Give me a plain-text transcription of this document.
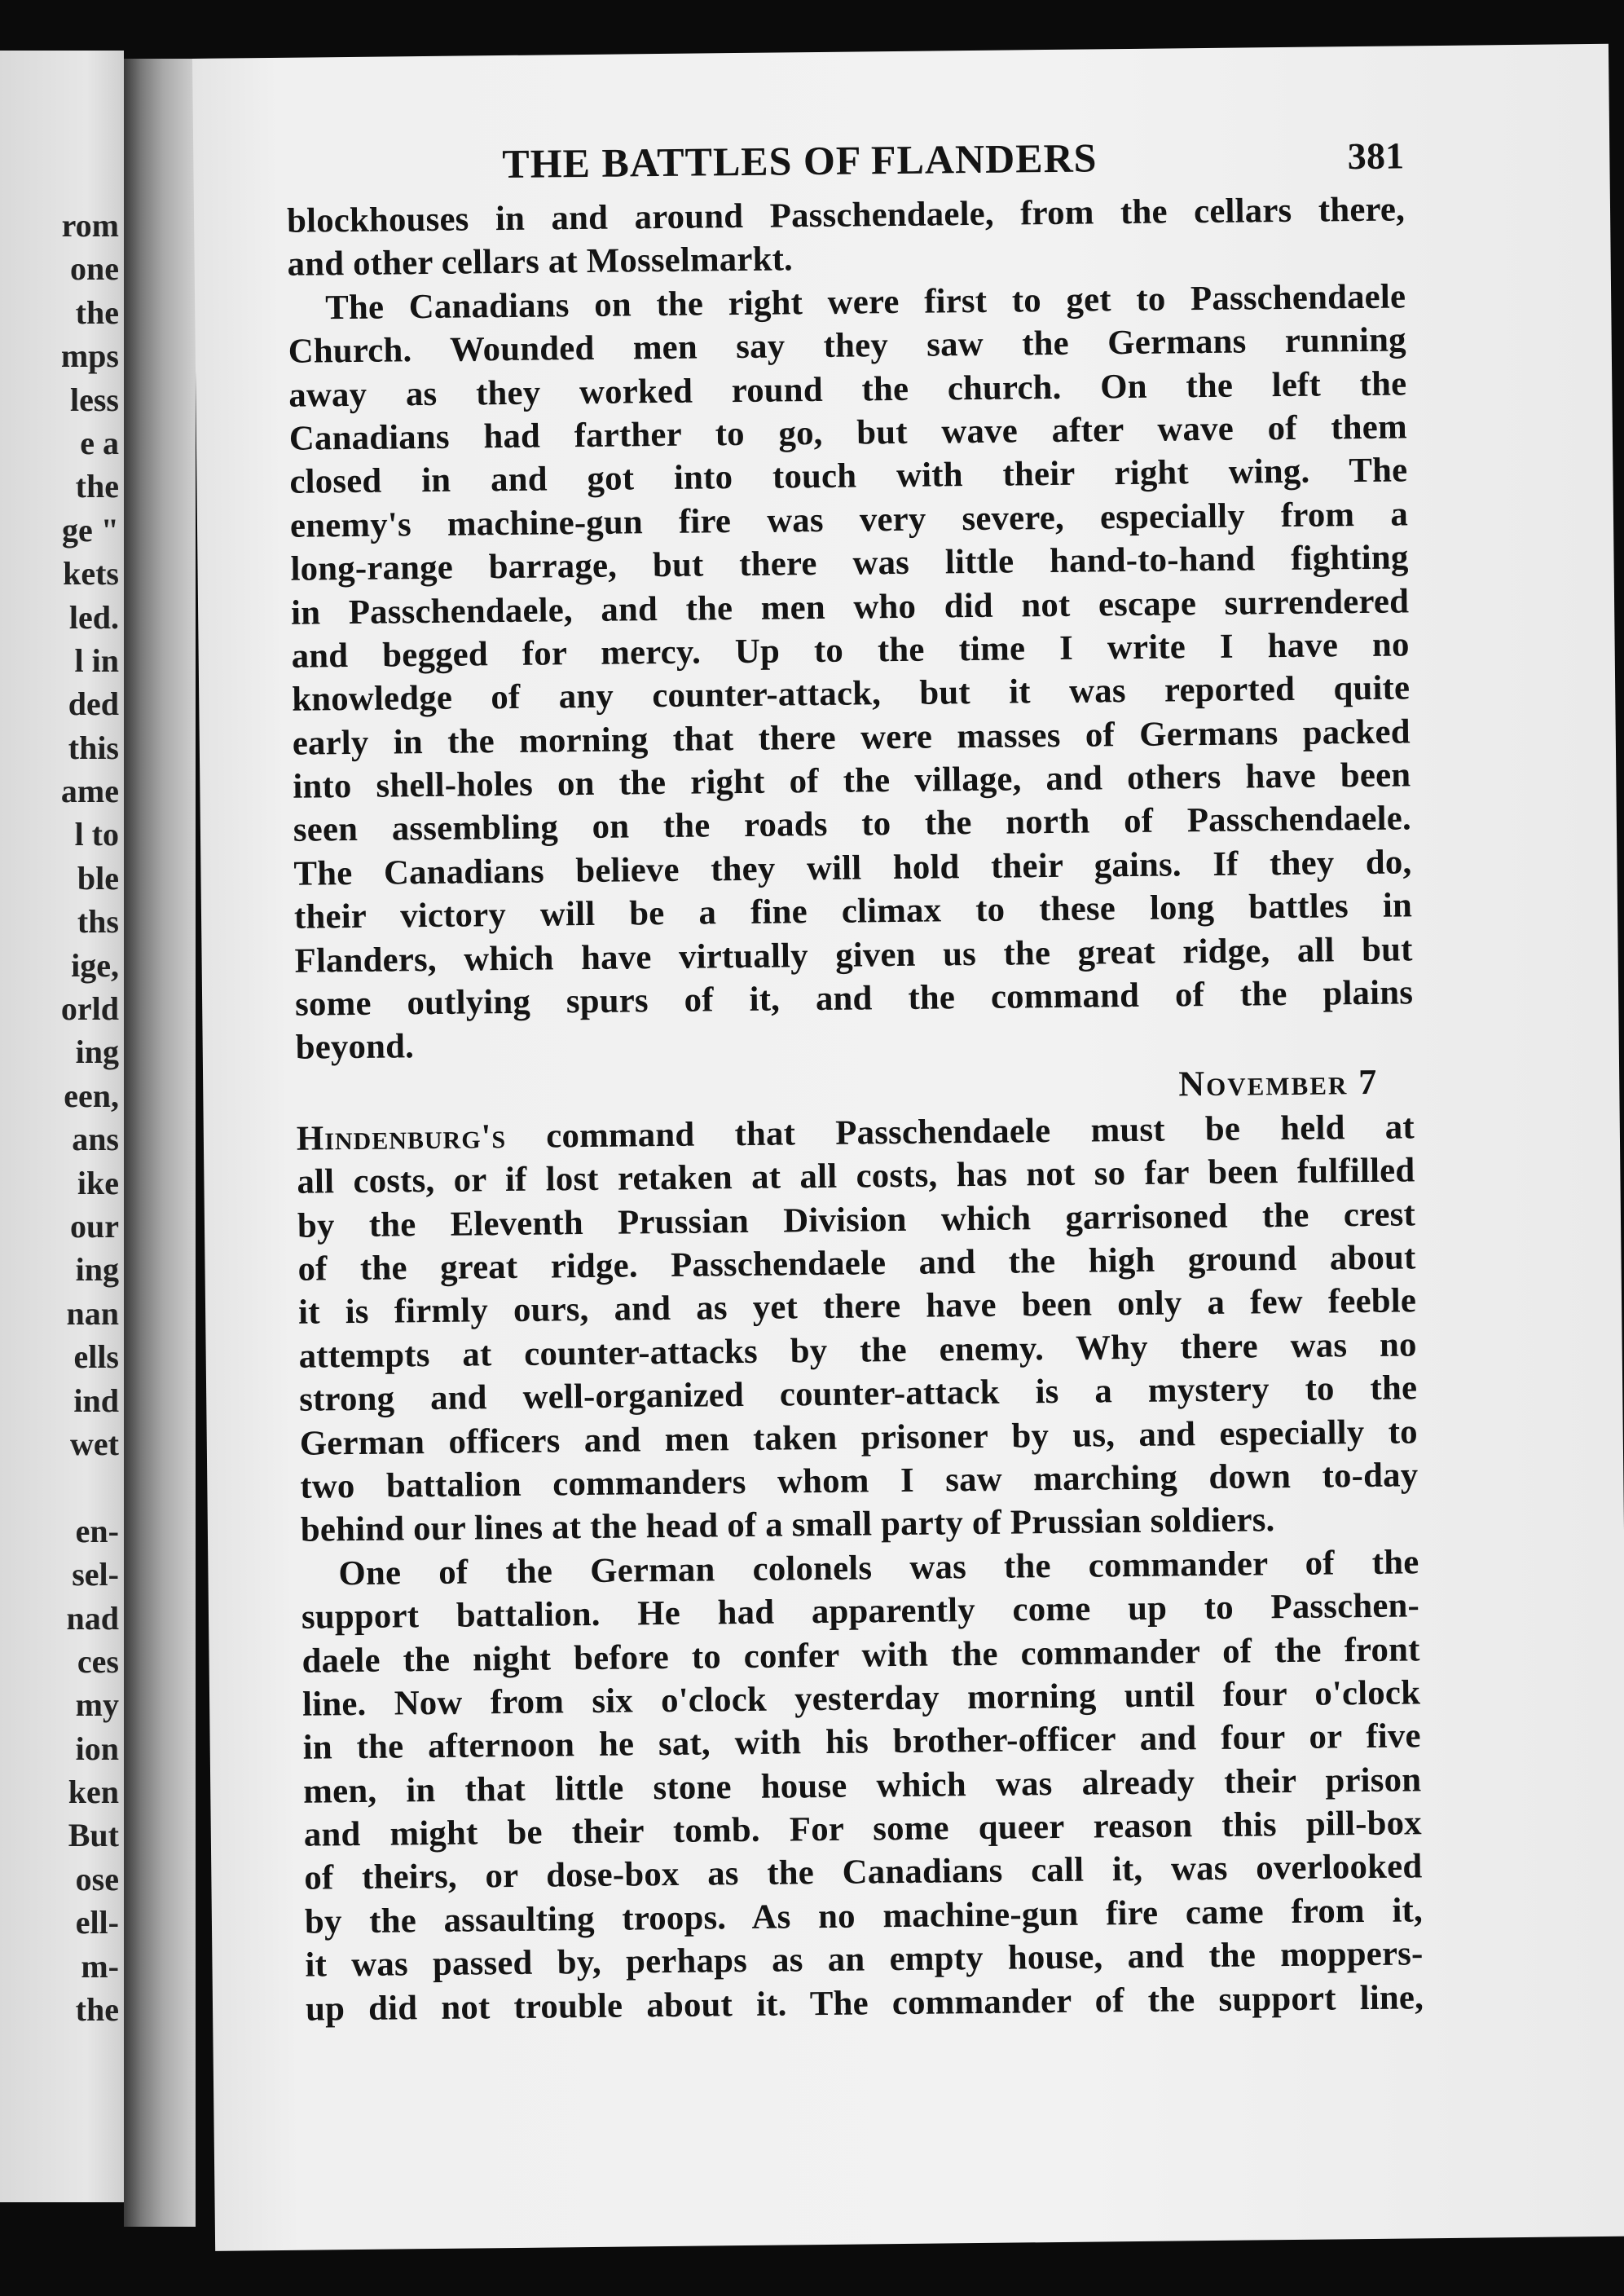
rom
one
the
mps
less
e a
the
ge "
kets
led.
l in
ded
this
ame
l to
ble
ths
ige,
orld
ing
een,
ans
ike
our
ing
nan
ells
ind
wet
en-
sel-
nad
ces
my
ion
ken
But
ose
ell-
m-
the
THE BATTLES OF FLANDERS	381
blockhouses in and around Passchendaele, from the cellars there,
and other cellars at Mosselmarkt.
The Canadians on the right were first to get to Passchendaele
Church. Wounded men say they saw the Germans running
away as they worked round the church. On the left the
Canadians had farther to go, but wave after wave of them
closed in and got into touch with their right wing. The
enemy's machine-gun fire was very severe, especially from a
long-range barrage, but there was little hand-to-hand fighting
in Passchendaele, and the men who did not escape surrendered
and begged for mercy. Up to the time I write I have no
knowledge of any counter-attack, but it was reported quite
early in the morning that there were masses of Germans packed
into shell-holes on the right of the village, and others have been
seen assembling on the roads to the north of Passchendaele.
The Canadians believe they will hold their gains. If they do,
their victory will be a fine climax to these long battles in
Flanders, which have virtually given us the great ridge, all but
some outlying spurs of it, and the command of the plains
beyond.
November 7
Hindenburg's command that Passchendaele must be held at
all costs, or if lost retaken at all costs, has not so far been fulfilled
by the Eleventh Prussian Division which garrisoned the crest
of the great ridge. Passchendaele and the high ground about
it is firmly ours, and as yet there have been only a few feeble
attempts at counter-attacks by the enemy. Why there was no
strong and well-organized counter-attack is a mystery to the
German officers and men taken prisoner by us, and especially to
two battalion commanders whom I saw marching down to-day
behind our lines at the head of a small party of Prussian soldiers.
One of the German colonels was the commander of the
support battalion. He had apparently come up to Passchen-
daele the night before to confer with the commander of the front
line. Now from six o'clock yesterday morning until four o'clock
in the afternoon he sat, with his brother-officer and four or five
men, in that little stone house which was already their prison
and might be their tomb. For some queer reason this pill-box
of theirs, or dose-box as the Canadians call it, was overlooked
by the assaulting troops. As no machine-gun fire came from it,
it was passed by, perhaps as an empty house, and the moppers-
up did not trouble about it. The commander of the support line,
